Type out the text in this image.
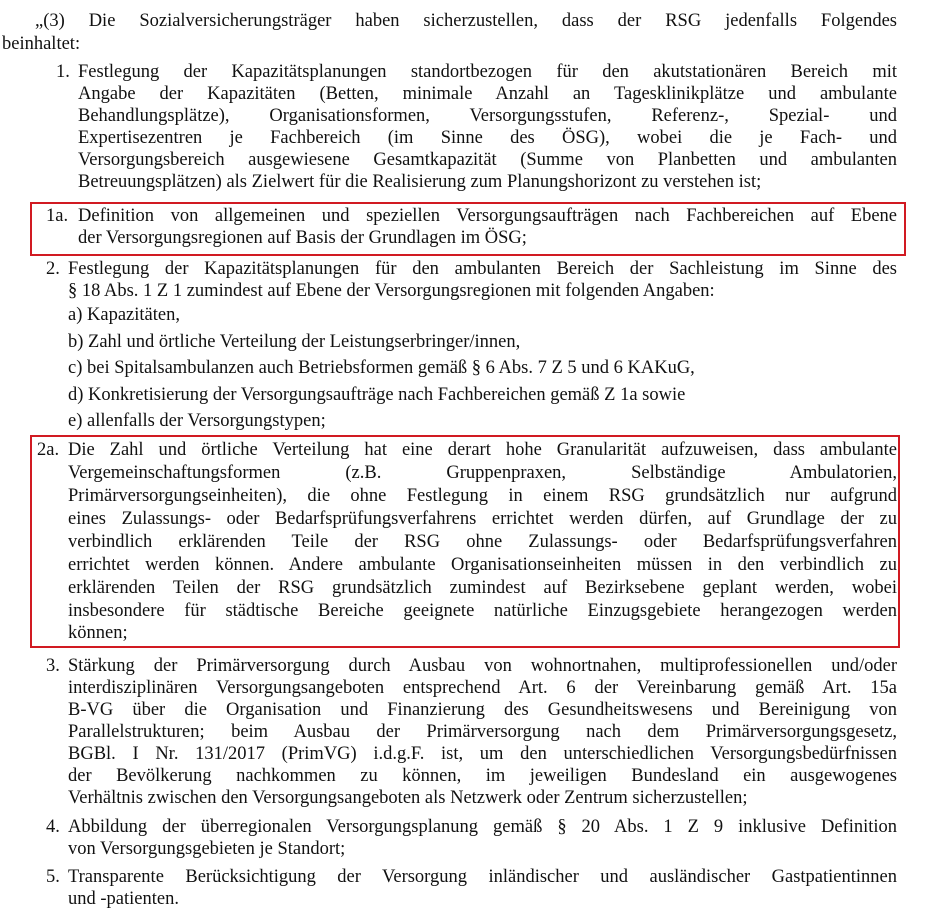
„(3) Die Sozialversicherungsträger haben sicherzustellen, dass der RSG jedenfalls Folgendes
beinhaltet:
1. Festlegung der Kapazitätsplanungen standortbezogen für den akutstationären Bereich mit
Angabe der Kapazitäten (Betten, minimale Anzahl an Tagesklinikplätze und ambulante
Behandlungsplätze), Organisationsformen, Versorgungsstufen, Referenz-, Spezial- und
Expertisezentren je Fachbereich (im Sinne des ÖSG), wobei die je Fach- und
Versorgungsbereich ausgewiesene Gesamtkapazität (Summe von Planbetten und ambulanten
Betreuungsplätzen) als Zielwert für die Realisierung zum Planungshorizont zu verstehen ist;
1a. Definition von allgemeinen und speziellen Versorgungsaufträgen nach Fachbereichen auf Ebene
der Versorgungsregionen auf Basis der Grundlagen im ÖSG;
2. Festlegung der Kapazitätsplanungen für den ambulanten Bereich der Sachleistung im Sinne des
§ 18 Abs. 1 Z 1 zumindest auf Ebene der Versorgungsregionen mit folgenden Angaben:
a) Kapazitäten,
b) Zahl und örtliche Verteilung der Leistungserbringer/innen,
c) bei Spitalsambulanzen auch Betriebsformen gemäß § 6 Abs. 7 Z 5 und 6 KAKuG,
d) Konkretisierung der Versorgungsaufträge nach Fachbereichen gemäß Z 1a sowie
e) allenfalls der Versorgungstypen;
2a. Die Zahl und örtliche Verteilung hat eine derart hohe Granularität aufzuweisen, dass ambulante
Vergemeinschaftungsformen (z.B. Gruppenpraxen, Selbständige Ambulatorien,
Primärversorgungseinheiten), die ohne Festlegung in einem RSG grundsätzlich nur aufgrund
eines Zulassungs- oder Bedarfsprüfungsverfahrens errichtet werden dürfen, auf Grundlage der zu
verbindlich erklärenden Teile der RSG ohne Zulassungs- oder Bedarfsprüfungsverfahren
errichtet werden können. Andere ambulante Organisationseinheiten müssen in den verbindlich zu
erklärenden Teilen der RSG grundsätzlich zumindest auf Bezirksebene geplant werden, wobei
insbesondere für städtische Bereiche geeignete natürliche Einzugsgebiete herangezogen werden
können;
3. Stärkung der Primärversorgung durch Ausbau von wohnortnahen, multiprofessionellen und/oder
interdisziplinären Versorgungsangeboten entsprechend Art. 6 der Vereinbarung gemäß Art. 15a
B-VG über die Organisation und Finanzierung des Gesundheitswesens und Bereinigung von
Parallelstrukturen; beim Ausbau der Primärversorgung nach dem Primärversorgungsgesetz,
BGBl. I Nr. 131/2017 (PrimVG) i.d.g.F. ist, um den unterschiedlichen Versorgungsbedürfnissen
der Bevölkerung nachkommen zu können, im jeweiligen Bundesland ein ausgewogenes
Verhältnis zwischen den Versorgungsangeboten als Netzwerk oder Zentrum sicherzustellen;
4. Abbildung der überregionalen Versorgungsplanung gemäß § 20 Abs. 1 Z 9 inklusive Definition
von Versorgungsgebieten je Standort;
5. Transparente Berücksichtigung der Versorgung inländischer und ausländischer Gastpatientinnen
und -patienten.
